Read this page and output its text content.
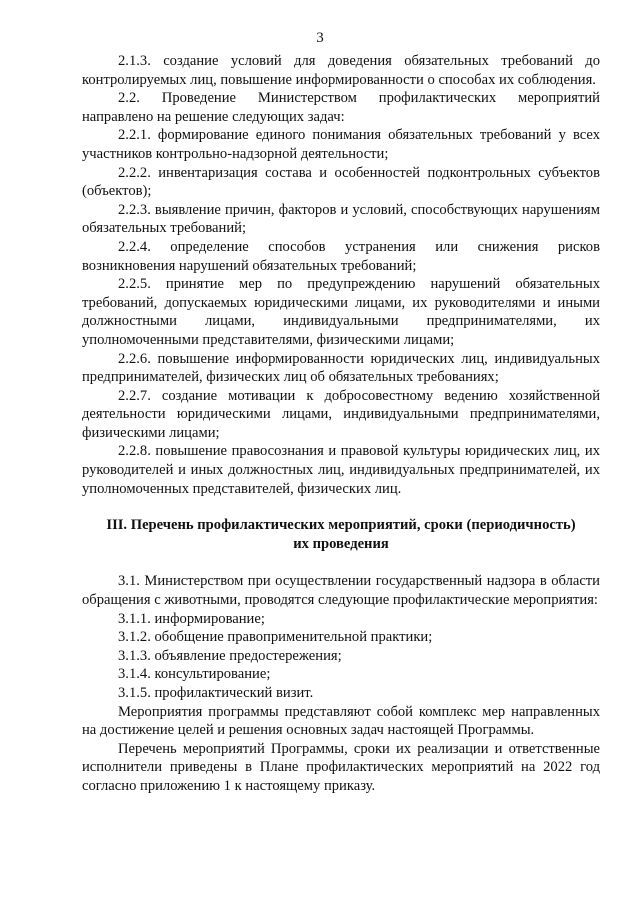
3

2.1.3. создание условий для доведения обязательных требований до контролируемых лиц, повышение информированности о способах их соблюдения.

2.2. Проведение Министерством профилактических мероприятий направлено на решение следующих задач:

2.2.1. формирование единого понимания обязательных требований у всех участников контрольно-надзорной деятельности;

2.2.2. инвентаризация состава и особенностей подконтрольных субъектов (объектов);

2.2.3. выявление причин, факторов и условий, способствующих нарушениям обязательных требований;

2.2.4. определение способов устранения или снижения рисков возникновения нарушений обязательных требований;

2.2.5. принятие мер по предупреждению нарушений обязательных требований, допускаемых юридическими лицами, их руководителями и иными должностными лицами, индивидуальными предпринимателями, их уполномоченными представителями, физическими лицами;

2.2.6. повышение информированности юридических лиц, индивидуальных предпринимателей, физических лиц об обязательных требованиях;

2.2.7. создание мотивации к добросовестному ведению хозяйственной деятельности юридическими лицами, индивидуальными предпринимателями, физическими лицами;

2.2.8. повышение правосознания и правовой культуры юридических лиц, их руководителей и иных должностных лиц, индивидуальных предпринимателей, их уполномоченных представителей, физических лиц.

III. Перечень профилактических мероприятий, сроки (периодичность)
их проведения

3.1. Министерством при осуществлении государственный надзора в области обращения с животными, проводятся следующие профилактические мероприятия:

3.1.1. информирование;

3.1.2. обобщение правоприменительной практики;

3.1.3. объявление предостережения;

3.1.4. консультирование;

3.1.5. профилактический визит.

Мероприятия программы представляют собой комплекс мер направленных на достижение целей и решения основных задач настоящей Программы.

Перечень мероприятий Программы, сроки их реализации и ответственные исполнители приведены в Плане профилактических мероприятий на 2022 год согласно приложению 1 к настоящему приказу.
